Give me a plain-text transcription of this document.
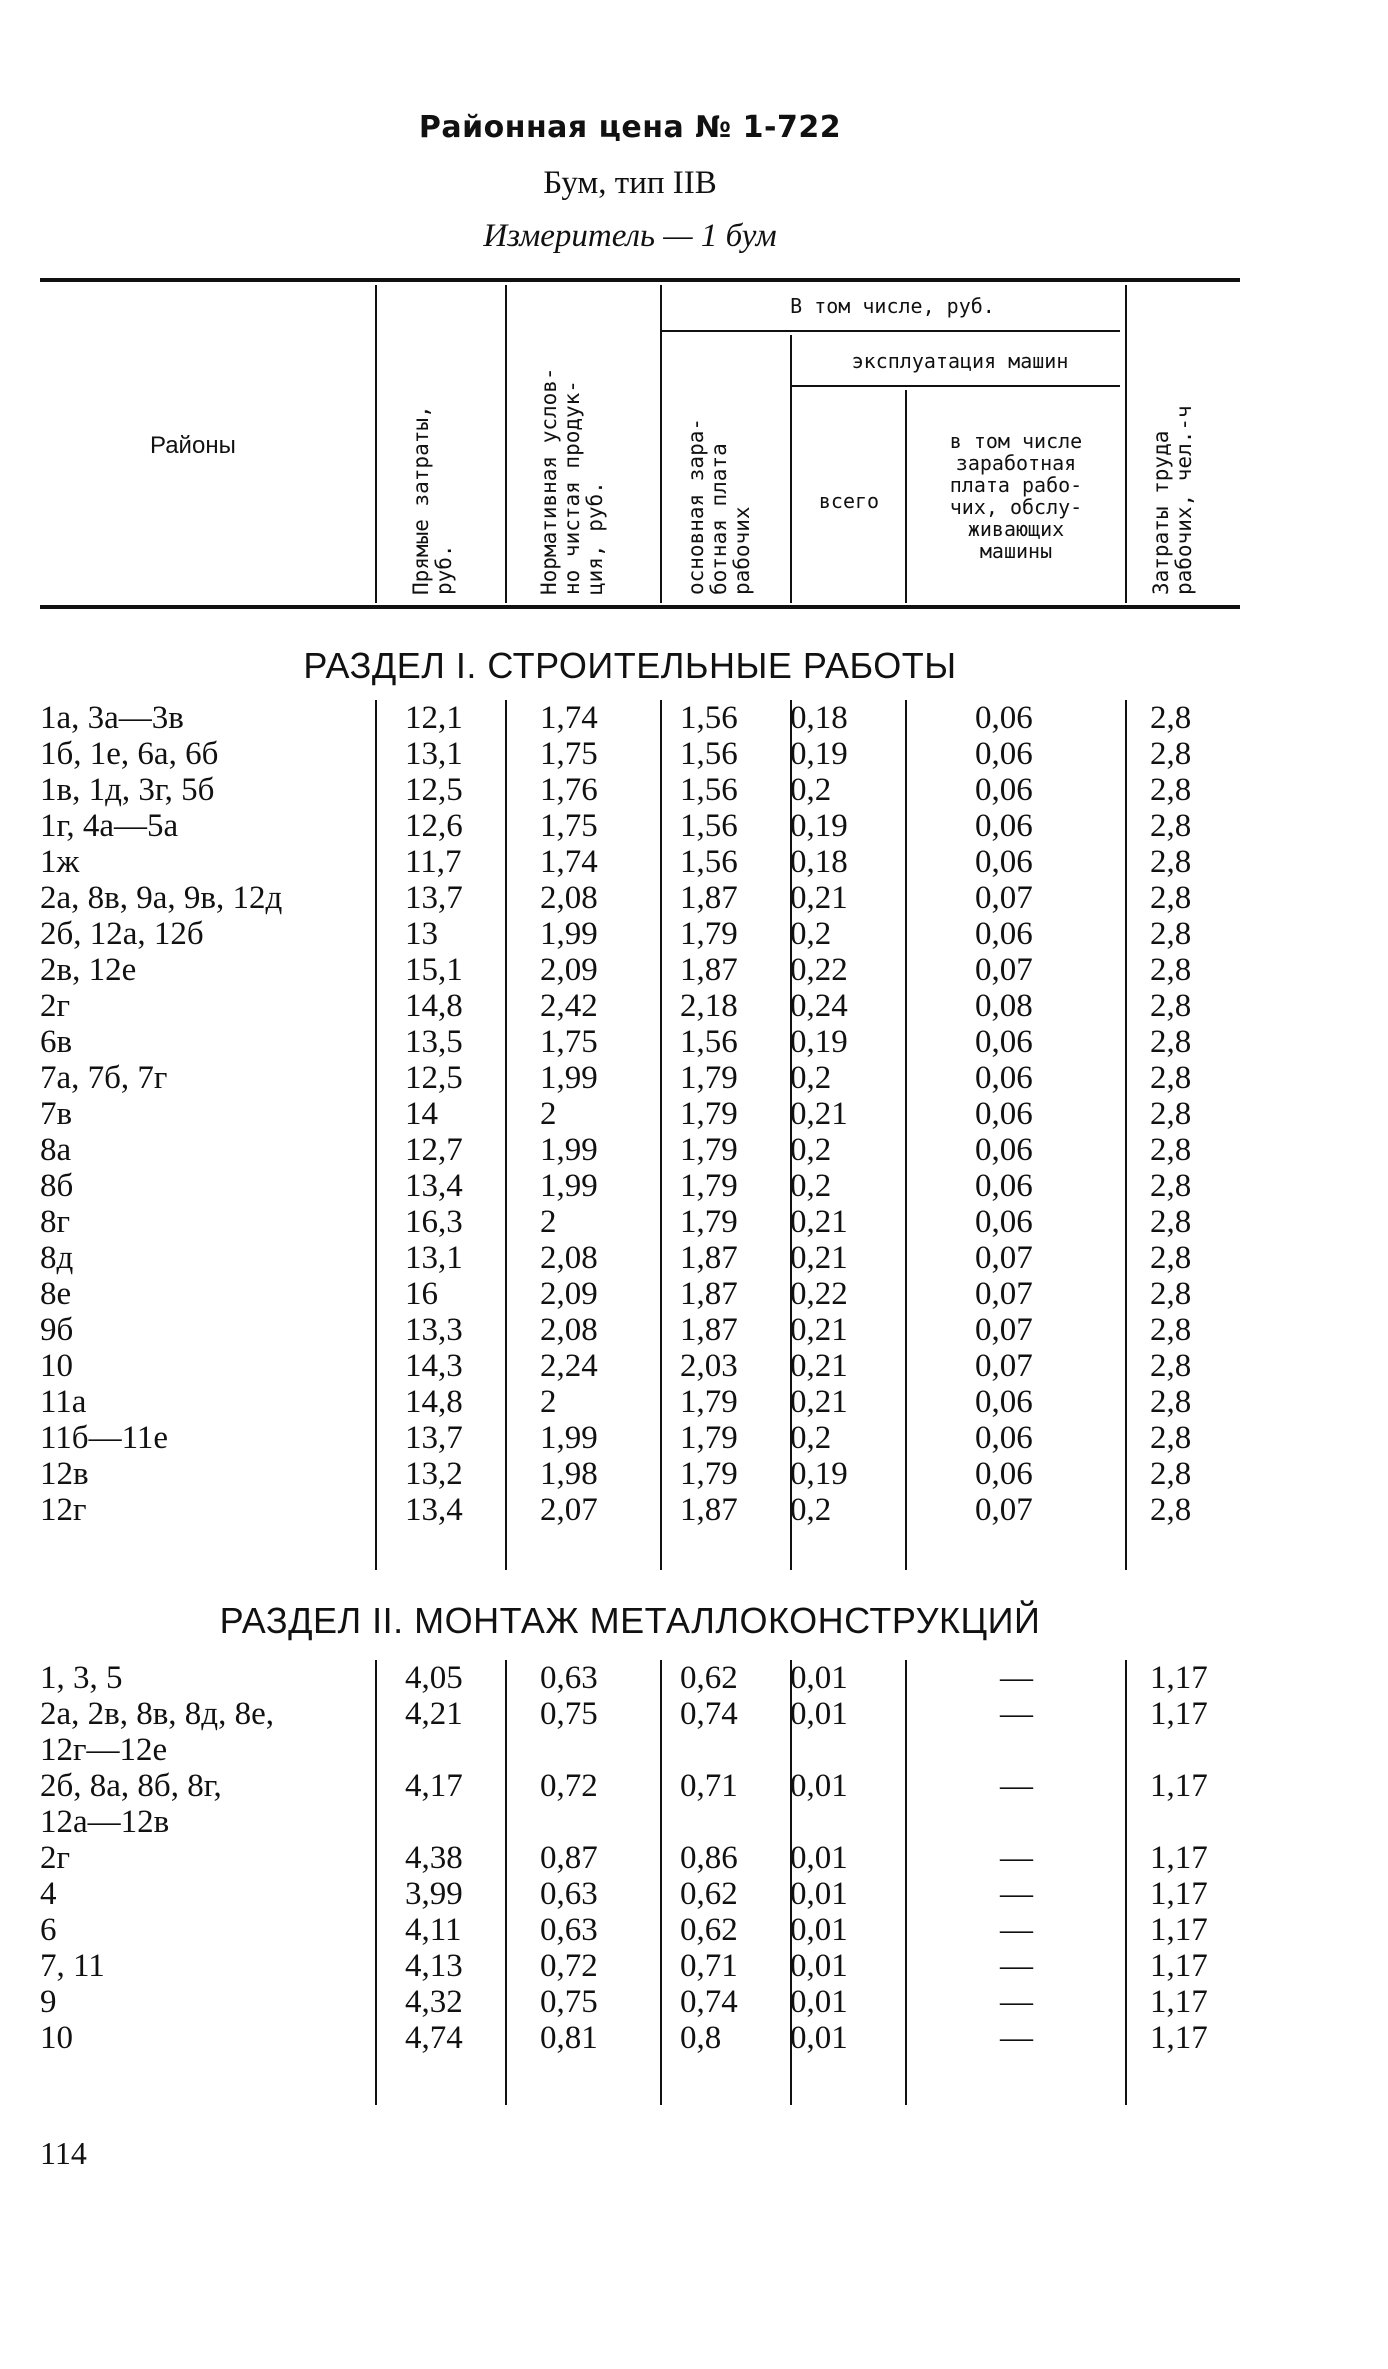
Районная цена № 1-722
Бум, тип IIВ
Измеритель — 1 бум
Районы
Прямые затраты,
руб.	Нормативная услов-
но чистая продук-
ция, руб.
В том числе, руб.
эксплуатация машин
основная зара-
ботная плата
рабочих
всего
в том числе
заработная
плата рабо-
чих, обслу-
живающих
машины	Затраты труда
рабочих, чел.-ч
РАЗДЕЛ I. СТРОИТЕЛЬНЫЕ РАБОТЫ
1а, 3а—3в	12,1 1,74 1,56 0,18	0,06	2,8
1б, 1е, 6а, 6б	13,1 1,75 1,56 0,19	0,06	2,8
1в, 1д, 3г, 5б	12,5 1,76 1,56 0,2	0,06	2,8
1г, 4а—5а	12,6 1,75 1,56 0,19	0,06	2,8
1ж	11,7 1,74 1,56 0,18	0,06	2,8
2а, 8в, 9а, 9в, 12д	13,7 2,08 1,87 0,21	0,07	2,8
2б, 12а, 12б	13	1,99 1,79 0,2	0,06	2,8
2в, 12е	15,1 2,09 1,87 0,22	0,07	2,8
2г	14,8 2,42 2,18 0,24	0,08	2,8
6в	13,5 1,75 1,56 0,19	0,06	2,8
7а, 7б, 7г	12,5 1,99 1,79 0,2	0,06	2,8
7в	14	2	1,79 0,21	0,06	2,8
8а	12,7 1,99 1,79 0,2	0,06	2,8
8б	13,4 1,99 1,79 0,2	0,06	2,8
8г	16,3 2	1,79 0,21	0,06	2,8
8д	13,1 2,08 1,87 0,21	0,07	2,8
8е	16	2,09 1,87 0,22	0,07	2,8
9б	13,3 2,08 1,87 0,21	0,07	2,8
10	14,3 2,24 2,03 0,21	0,07	2,8
11а	14,8 2	1,79 0,21	0,06	2,8
11б—11е	13,7 1,99 1,79 0,2	0,06	2,8
12в	13,2 1,98 1,79 0,19	0,06	2,8
12г	13,4 2,07 1,87 0,2	0,07	2,8
РАЗДЕЛ II. МОНТАЖ МЕТАЛЛОКОНСТРУКЦИЙ
1, 3, 5	4,05 0,63 0,62 0,01	—	1,17
2а, 2в, 8в, 8д, 8е,	4,21 0,75 0,74 0,01	—	1,17
12г—12е
2б, 8а, 8б, 8г,	4,17 0,72 0,71 0,01	—	1,17
12а—12в
2г	4,38 0,87 0,86 0,01	—	1,17
4	3,99 0,63 0,62 0,01	—	1,17
6	4,11 0,63 0,62 0,01	—	1,17
7, 11	4,13 0,72 0,71 0,01	—	1,17
9	4,32 0,75 0,74 0,01	—	1,17
10	4,74 0,81 0,8 0,01	—	1,17
114
